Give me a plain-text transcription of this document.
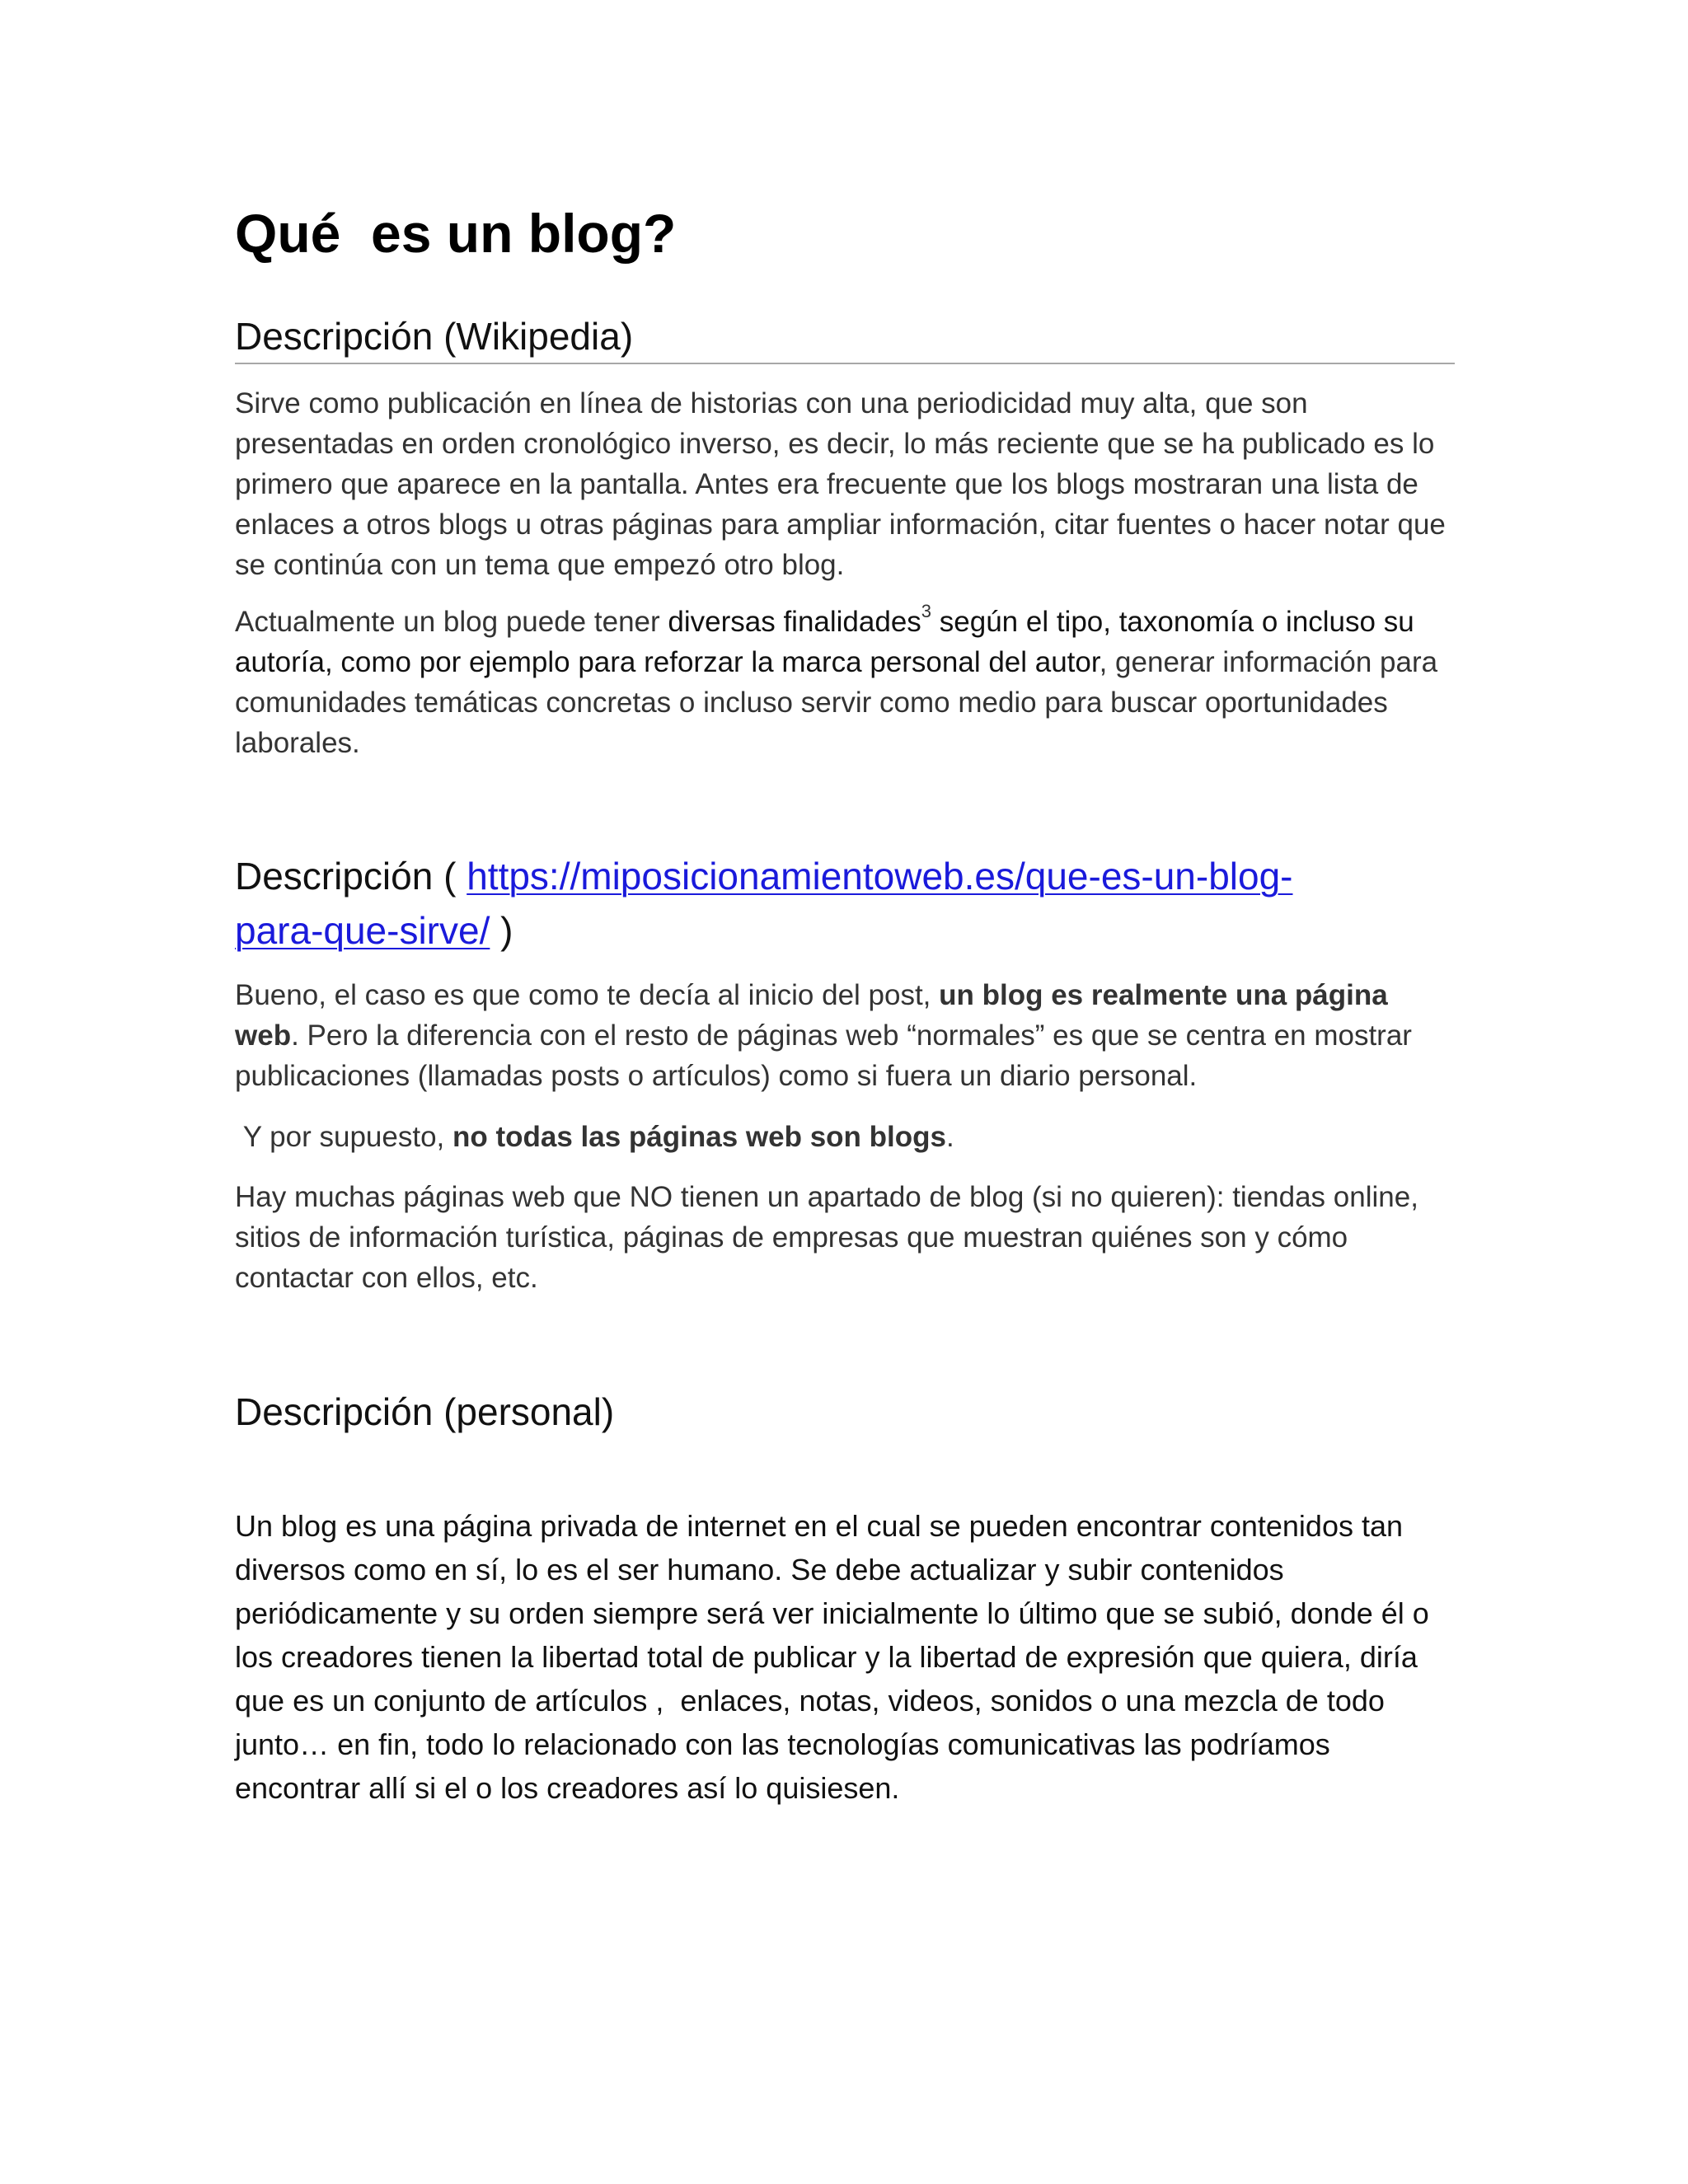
Qué  es un blog?
Descripción (Wikipedia)

Sirve como publicación en línea de historias con una periodicidad muy alta, que son presentadas en orden cronológico inverso, es decir, lo más reciente que se ha publicado es lo primero que aparece en la pantalla. Antes era frecuente que los blogs mostraran una lista de enlaces a otros blogs u otras páginas para ampliar información, citar fuentes o hacer notar que se continúa con un tema que empezó otro blog.

Actualmente un blog puede tener diversas finalidades$^3$ según el tipo, taxonomía o incluso su autoría, como por ejemplo para reforzar la marca personal del autor, generar información para comunidades temáticas concretas o incluso servir como medio para buscar oportunidades laborales.

Descripción ( https://miposicionamientoweb.es/que-es-un-blog-
para-que-sirve/ )

Bueno, el caso es que como te decía al inicio del post, un blog es realmente una página web. Pero la diferencia con el resto de páginas web “normales” es que se centra en mostrar publicaciones (llamadas posts o artículos) como si fuera un diario personal.

Y por supuesto, no todas las páginas web son blogs.

Hay muchas páginas web que NO tienen un apartado de blog (si no quieren): tiendas online, sitios de información turística, páginas de empresas que muestran quiénes son y cómo contactar con ellos, etc.

Descripción (personal)

Un blog es una página privada de internet en el cual se pueden encontrar contenidos tan diversos como en sí, lo es el ser humano. Se debe actualizar y subir contenidos periódicamente y su orden siempre será ver inicialmente lo último que se subió, donde él o los creadores tienen la libertad total de publicar y la libertad de expresión que quiera, diría que es un conjunto de artículos ,  enlaces, notas, videos, sonidos o una mezcla de todo junto… en fin, todo lo relacionado con las tecnologías comunicativas las podríamos encontrar allí si el o los creadores así lo quisiesen.
